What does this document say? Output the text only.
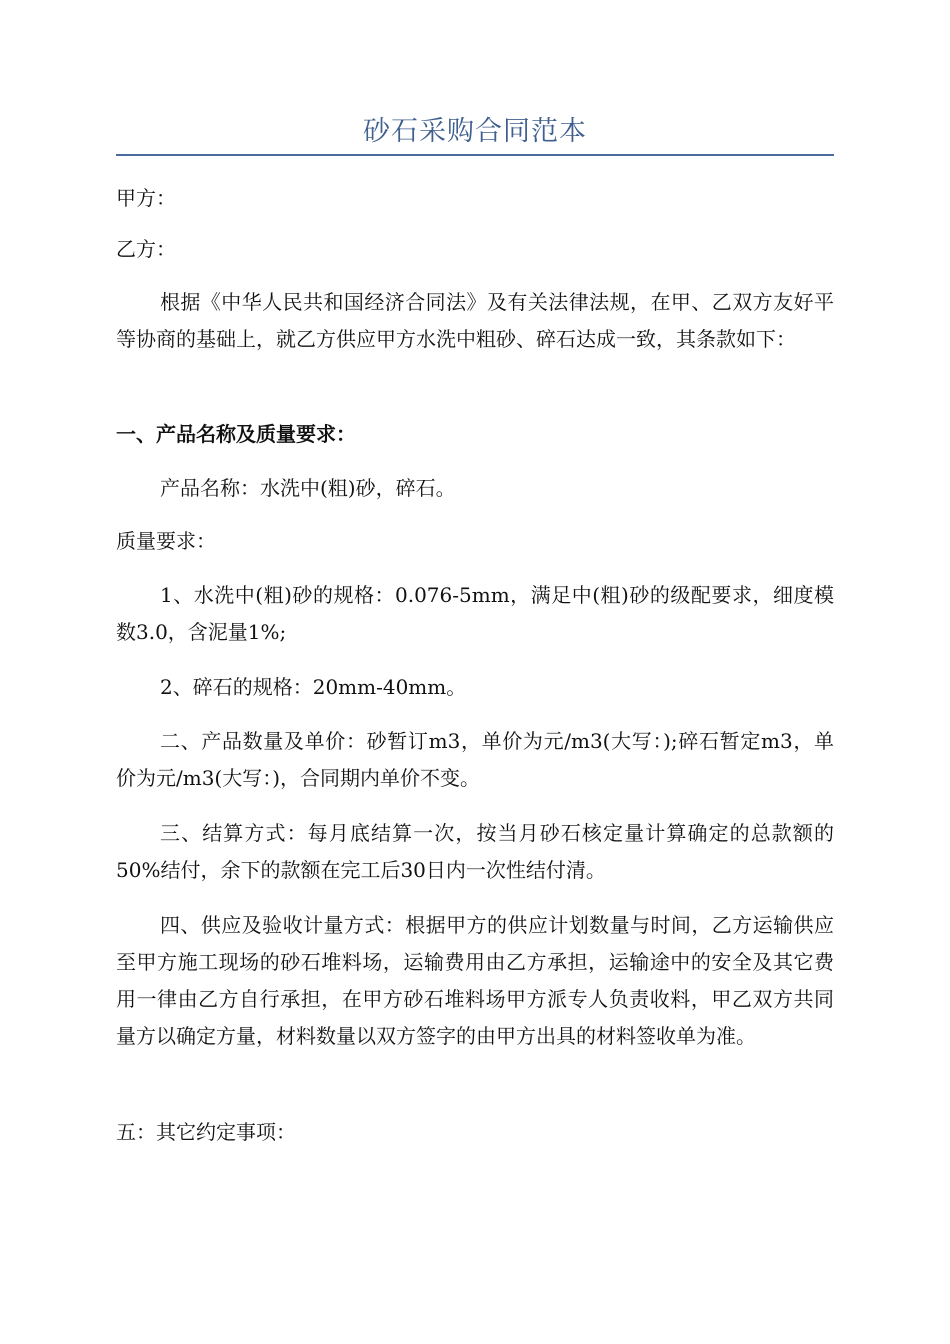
砂石采购合同范本

甲方：

乙方：

根据《中华人民共和国经济合同法》及有关法律法规，在甲、乙双方友好平等协商的基础上，就乙方供应甲方水洗中粗砂、碎石达成一致，其条款如下：

一、产品名称及质量要求：

产品名称：水洗中(粗)砂，碎石。

质量要求：

1、水洗中(粗)砂的规格：0.076-5mm，满足中(粗)砂的级配要求，细度模数3.0，含泥量1%;

2、碎石的规格：20mm-40mm。

二、产品数量及单价：砂暂订m3，单价为元/m3(大写：);碎石暂定m3，单价为元/m3(大写：)，合同期内单价不变。

三、结算方式：每月底结算一次，按当月砂石核定量计算确定的总款额的50%结付，余下的款额在完工后30日内一次性结付清。

四、供应及验收计量方式：根据甲方的供应计划数量与时间，乙方运输供应至甲方施工现场的砂石堆料场，运输费用由乙方承担，运输途中的安全及其它费用一律由乙方自行承担，在甲方砂石堆料场甲方派专人负责收料，甲乙双方共同量方以确定方量，材料数量以双方签字的由甲方出具的材料签收单为准。

五：其它约定事项：
